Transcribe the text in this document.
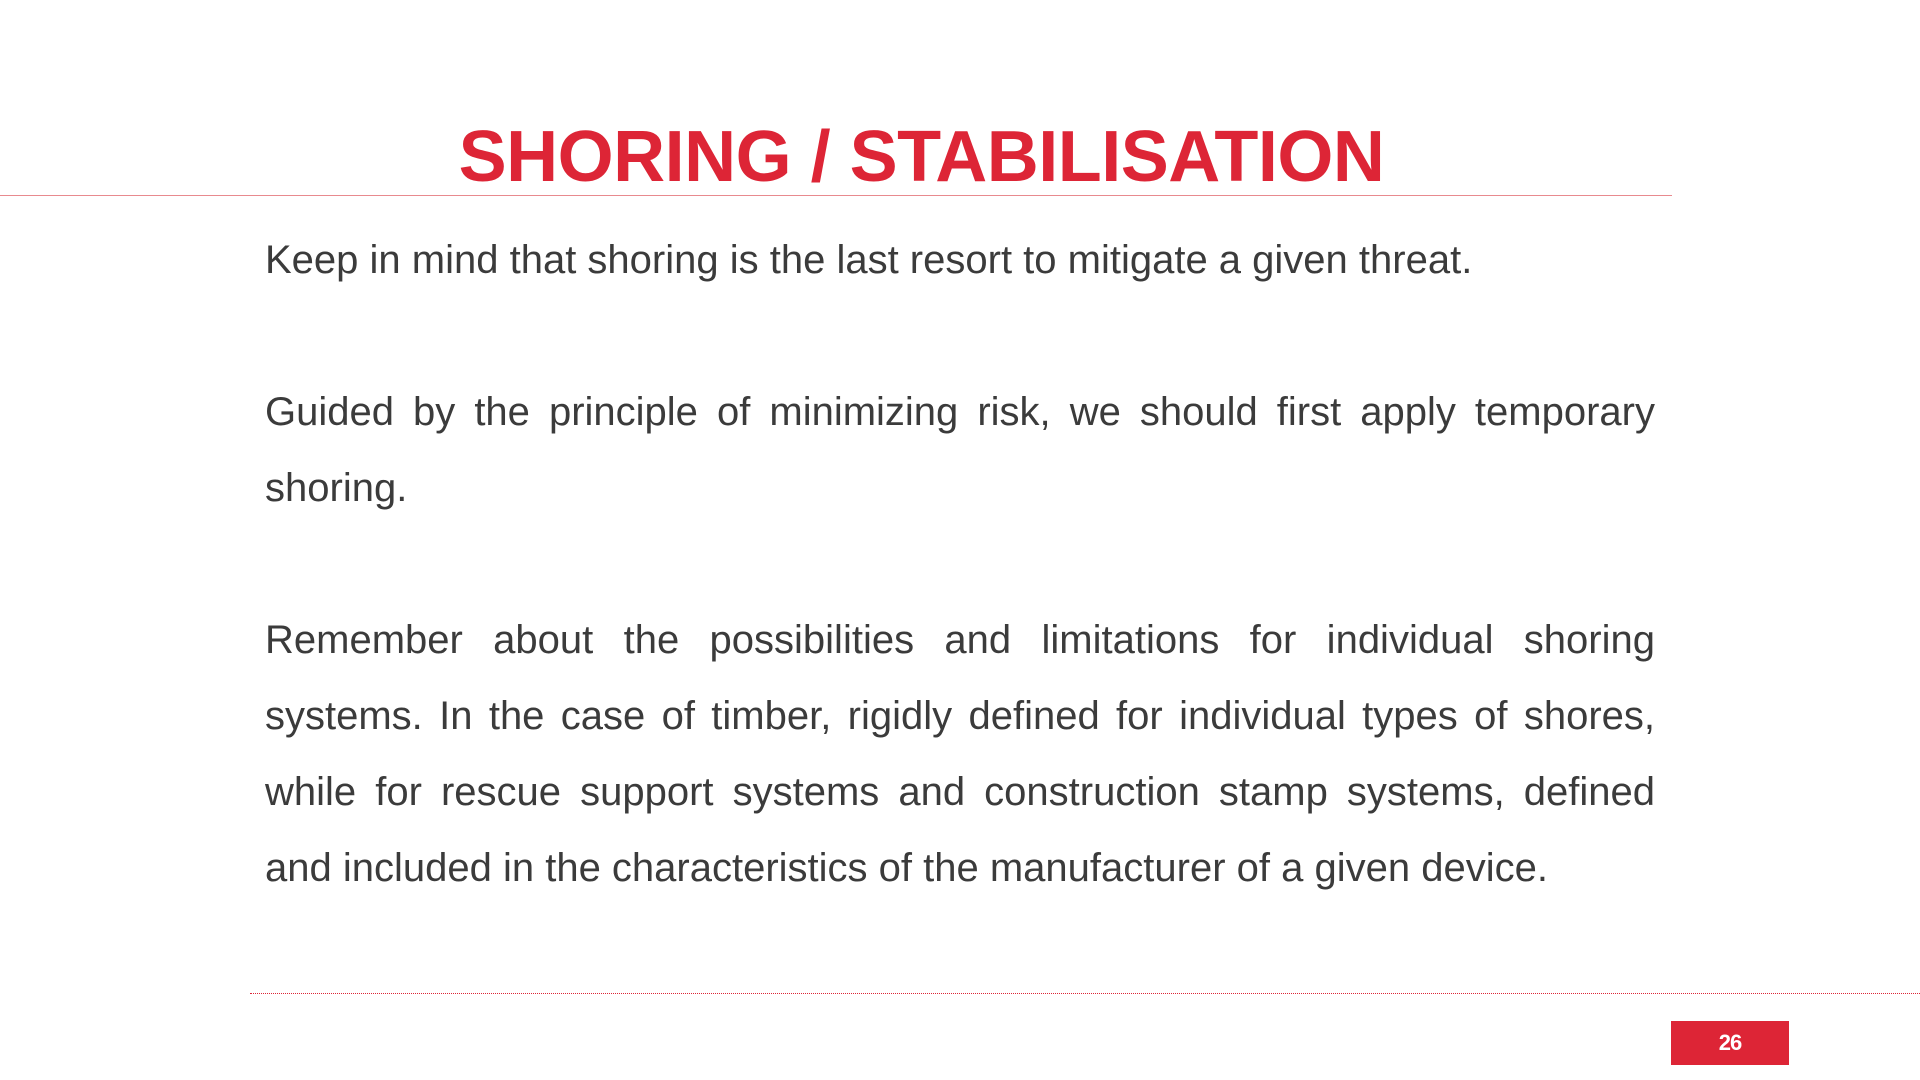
SHORING / STABILISATION

Keep in mind that shoring is the last resort to mitigate a given threat.

Guided by the principle of minimizing risk, we should first apply temporary shoring.

Remember about the possibilities and limitations for individual shoring systems. In the case of timber, rigidly defined for individual types of shores, while for rescue support systems and construction stamp systems, defined and included in the characteristics of the manufacturer of a given device.

26
